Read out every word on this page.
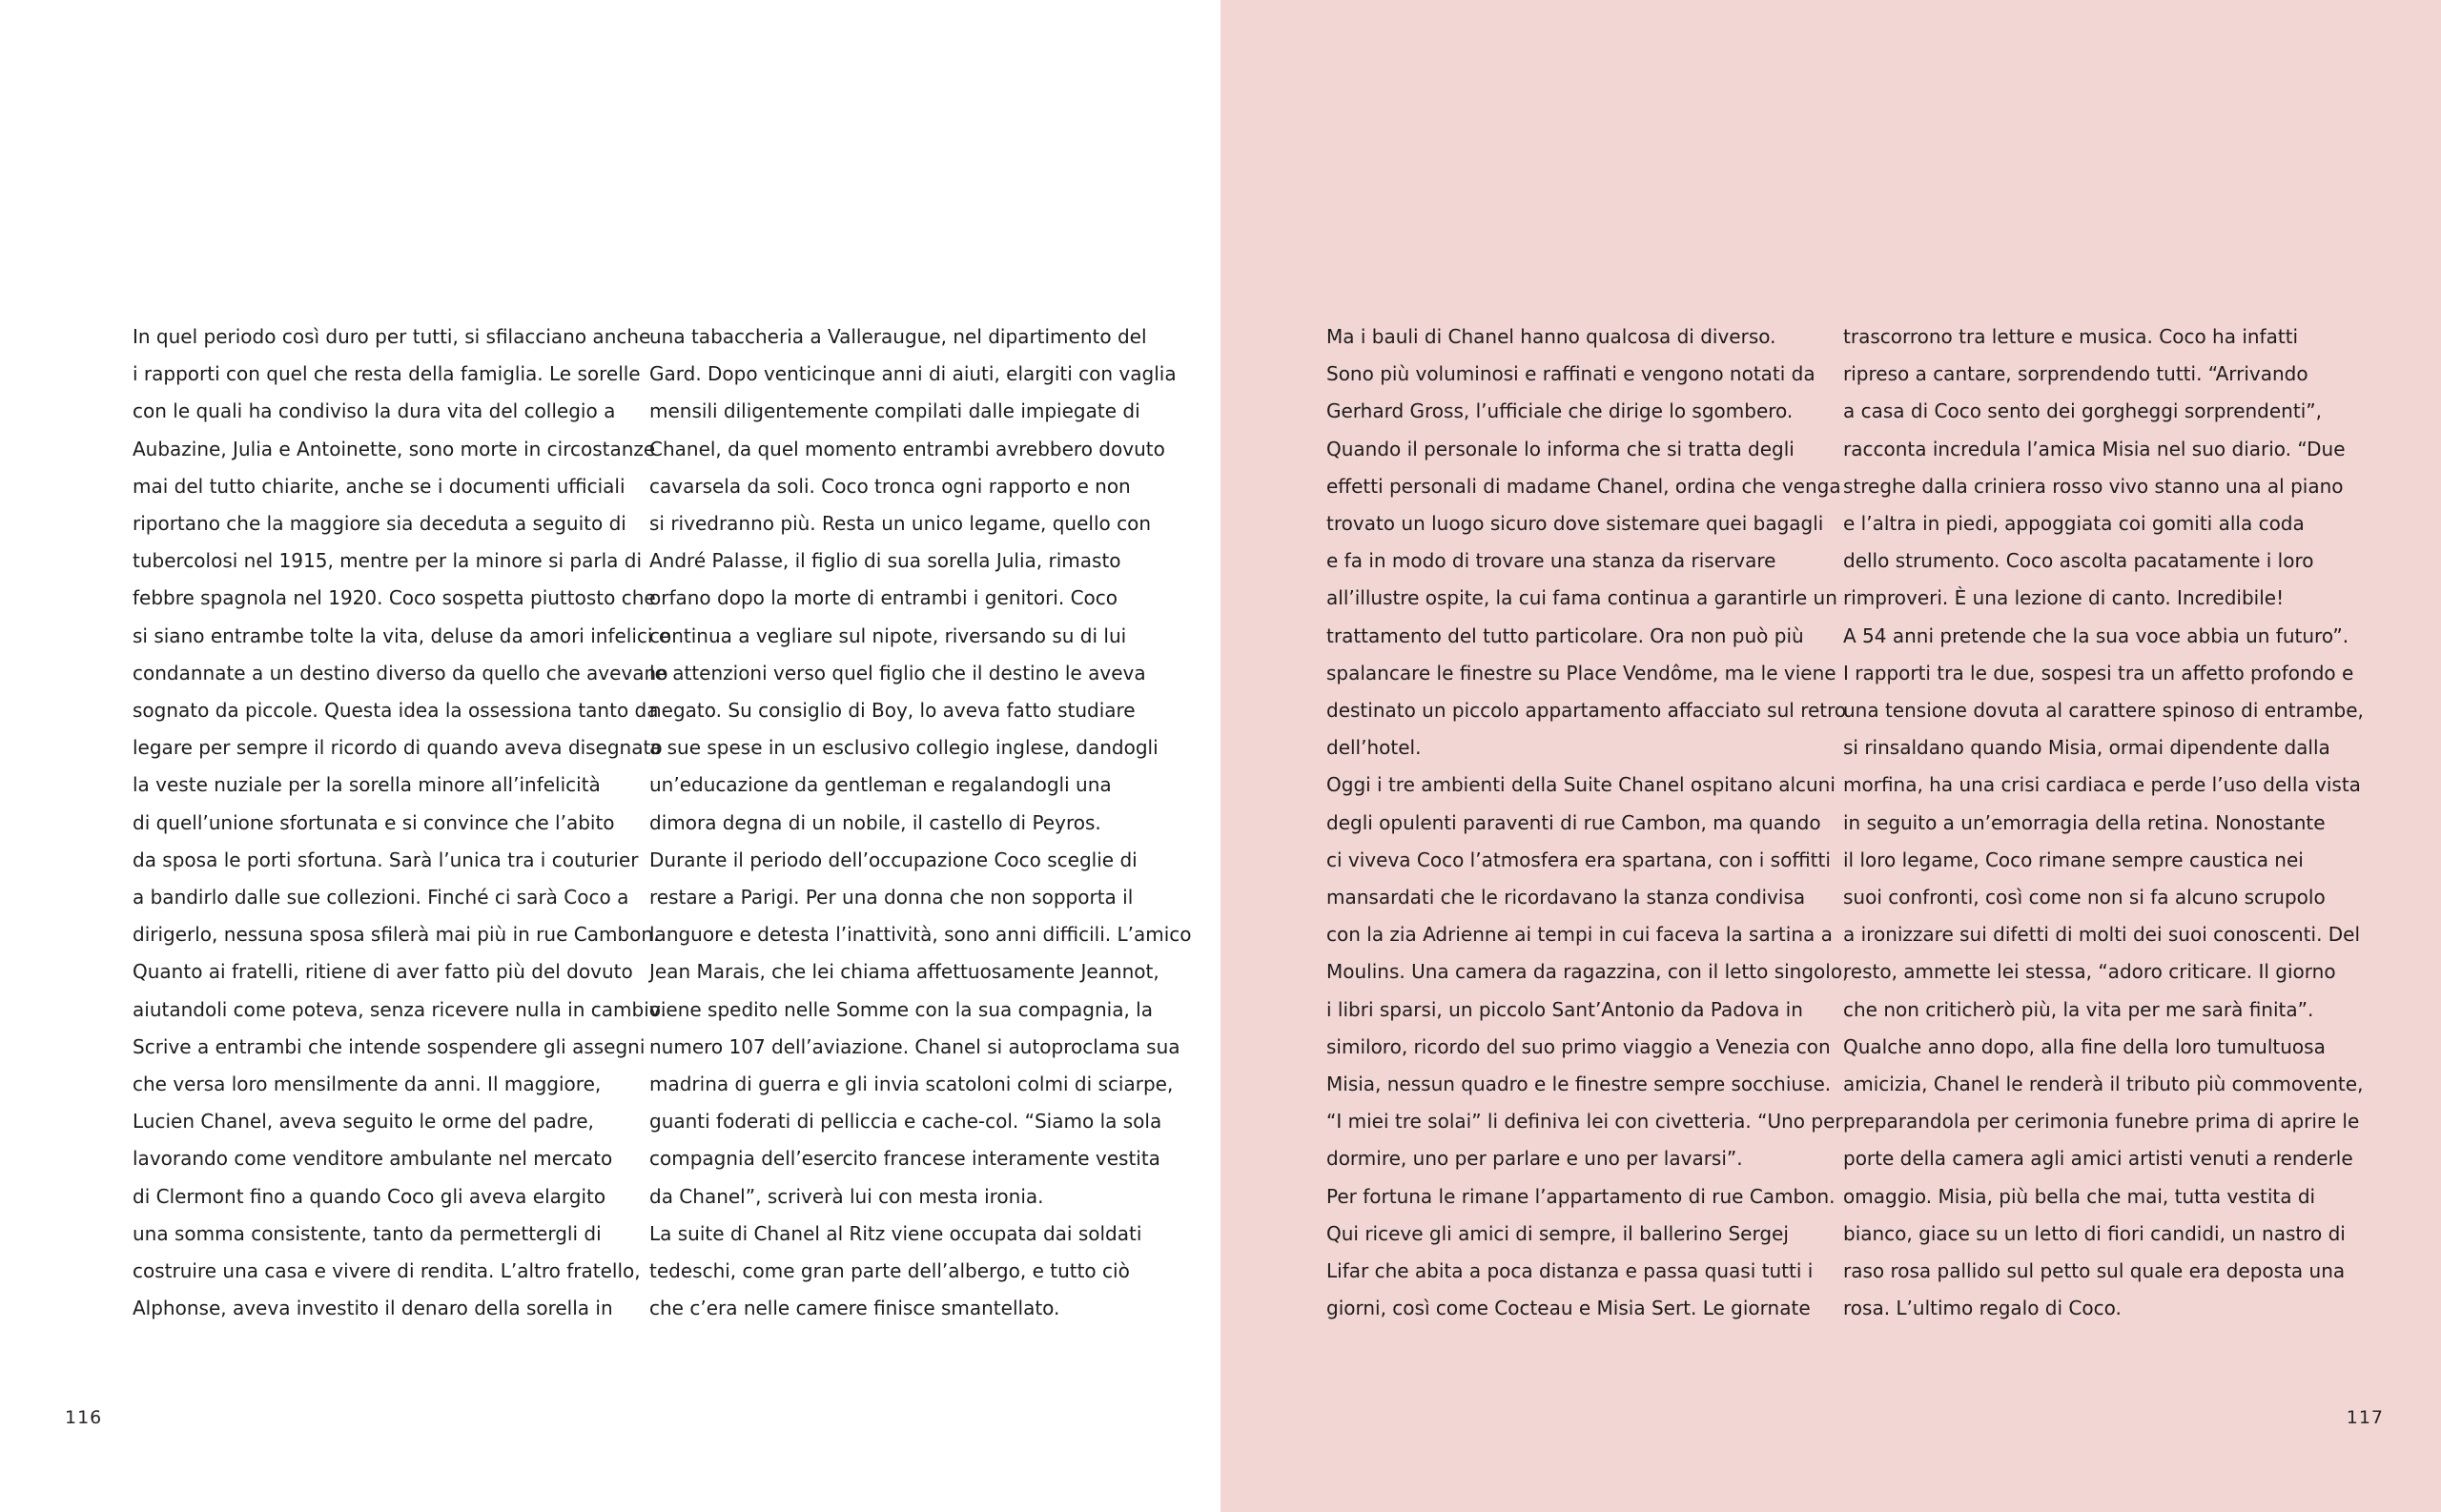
In quel periodo così duro per tutti, si sfilacciano anche

i rapporti con quel che resta della famiglia. Le sorelle

con le quali ha condiviso la dura vita del collegio a

Aubazine, Julia e Antoinette, sono morte in circostanze

mai del tutto chiarite, anche se i documenti ufficiali

riportano che la maggiore sia deceduta a seguito di

tubercolosi nel 1915, mentre per la minore si parla di

febbre spagnola nel 1920. Coco sospetta piuttosto che

si siano entrambe tolte la vita, deluse da amori infelici e

condannate a un destino diverso da quello che avevano

sognato da piccole. Questa idea la ossessiona tanto da

legare per sempre il ricordo di quando aveva disegnato

la veste nuziale per la sorella minore all’infelicità

di quell’unione sfortunata e si convince che l’abito

da sposa le porti sfortuna. Sarà l’unica tra i couturier

a bandirlo dalle sue collezioni. Finché ci sarà Coco a

dirigerlo, nessuna sposa sfilerà mai più in rue Cambon.

Quanto ai fratelli, ritiene di aver fatto più del dovuto

aiutandoli come poteva, senza ricevere nulla in cambio.

Scrive a entrambi che intende sospendere gli assegni

che versa loro mensilmente da anni. Il maggiore,

Lucien Chanel, aveva seguito le orme del padre,

lavorando come venditore ambulante nel mercato

di Clermont fino a quando Coco gli aveva elargito

una somma consistente, tanto da permettergli di

costruire una casa e vivere di rendita. L’altro fratello,

Alphonse, aveva investito il denaro della sorella in

una tabaccheria a Valleraugue, nel dipartimento del

Gard. Dopo venticinque anni di aiuti, elargiti con vaglia

mensili diligentemente compilati dalle impiegate di

Chanel, da quel momento entrambi avrebbero dovuto

cavarsela da soli. Coco tronca ogni rapporto e non

si rivedranno più. Resta un unico legame, quello con

André Palasse, il figlio di sua sorella Julia, rimasto

orfano dopo la morte di entrambi i genitori. Coco

continua a vegliare sul nipote, riversando su di lui

le attenzioni verso quel figlio che il destino le aveva

negato. Su consiglio di Boy, lo aveva fatto studiare

a sue spese in un esclusivo collegio inglese, dandogli

un’educazione da gentleman e regalandogli una

dimora degna di un nobile, il castello di Peyros.

Durante il periodo dell’occupazione Coco sceglie di

restare a Parigi. Per una donna che non sopporta il

languore e detesta l’inattività, sono anni difficili. L’amico

Jean Marais, che lei chiama affettuosamente Jeannot,

viene spedito nelle Somme con la sua compagnia, la

numero 107 dell’aviazione. Chanel si autoproclama sua

madrina di guerra e gli invia scatoloni colmi di sciarpe,

guanti foderati di pelliccia e cache-col. “Siamo la sola

compagnia dell’esercito francese interamente vestita

da Chanel”, scriverà lui con mesta ironia.

La suite di Chanel al Ritz viene occupata dai soldati

tedeschi, come gran parte dell’albergo, e tutto ciò

che c’era nelle camere finisce smantellato.

116

Ma i bauli di Chanel hanno qualcosa di diverso.

Sono più voluminosi e raffinati e vengono notati da

Gerhard Gross, l’ufficiale che dirige lo sgombero.

Quando il personale lo informa che si tratta degli

effetti personali di madame Chanel, ordina che venga

trovato un luogo sicuro dove sistemare quei bagagli

e fa in modo di trovare una stanza da riservare

all’illustre ospite, la cui fama continua a garantirle un

trattamento del tutto particolare. Ora non può più

spalancare le finestre su Place Vendôme, ma le viene

destinato un piccolo appartamento affacciato sul retro

dell’hotel.

Oggi i tre ambienti della Suite Chanel ospitano alcuni

degli opulenti paraventi di rue Cambon, ma quando

ci viveva Coco l’atmosfera era spartana, con i soffitti

mansardati che le ricordavano la stanza condivisa

con la zia Adrienne ai tempi in cui faceva la sartina a

Moulins. Una camera da ragazzina, con il letto singolo,

i libri sparsi, un piccolo Sant’Antonio da Padova in

similoro, ricordo del suo primo viaggio a Venezia con

Misia, nessun quadro e le finestre sempre socchiuse.

“I miei tre solai” li definiva lei con civetteria. “Uno per

dormire, uno per parlare e uno per lavarsi”.

Per fortuna le rimane l’appartamento di rue Cambon.

Qui riceve gli amici di sempre, il ballerino Sergej

Lifar che abita a poca distanza e passa quasi tutti i

giorni, così come Cocteau e Misia Sert. Le giornate

trascorrono tra letture e musica. Coco ha infatti

ripreso a cantare, sorprendendo tutti. “Arrivando

a casa di Coco sento dei gorgheggi sorprendenti”,

racconta incredula l’amica Misia nel suo diario. “Due

streghe dalla criniera rosso vivo stanno una al piano

e l’altra in piedi, appoggiata coi gomiti alla coda

dello strumento. Coco ascolta pacatamente i loro

rimproveri. È una lezione di canto. Incredibile!

A 54 anni pretende che la sua voce abbia un futuro”.

I rapporti tra le due, sospesi tra un affetto profondo e

una tensione dovuta al carattere spinoso di entrambe,

si rinsaldano quando Misia, ormai dipendente dalla

morfina, ha una crisi cardiaca e perde l’uso della vista

in seguito a un’emorragia della retina. Nonostante

il loro legame, Coco rimane sempre caustica nei

suoi confronti, così come non si fa alcuno scrupolo

a ironizzare sui difetti di molti dei suoi conoscenti. Del

resto, ammette lei stessa, “adoro criticare. Il giorno

che non criticherò più, la vita per me sarà finita”.

Qualche anno dopo, alla fine della loro tumultuosa

amicizia, Chanel le renderà il tributo più commovente,

preparandola per cerimonia funebre prima di aprire le

porte della camera agli amici artisti venuti a renderle

omaggio. Misia, più bella che mai, tutta vestita di

bianco, giace su un letto di fiori candidi, un nastro di

raso rosa pallido sul petto sul quale era deposta una

rosa. L’ultimo regalo di Coco.

117
